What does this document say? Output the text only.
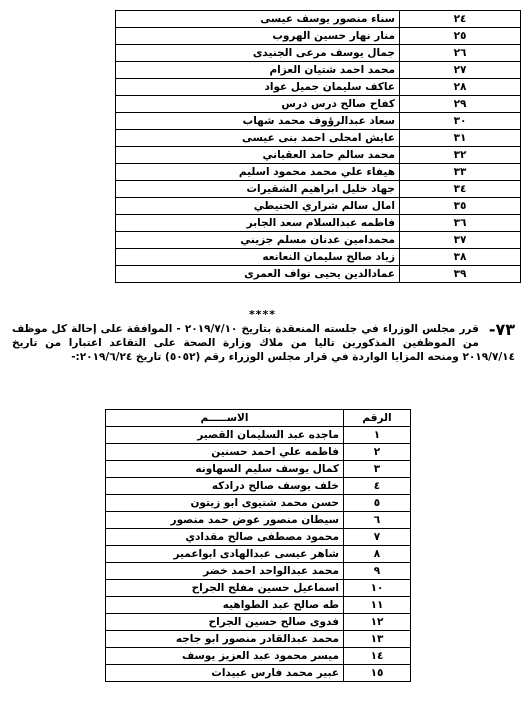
٢٤	سناء منصور يوسف عيسى
٢٥	منار نهار حسين الهروب
٢٦	جمال يوسف مرعى الجنيدى
٢٧	محمد احمد شتيان العزام
٢٨	عاكف سليمان جميل عواد
٢٩	كفاح صالح درس درس
٣٠	سعاد عبدالرؤوف محمد شهاب
٣١	عايش امجلى احمد بنى عيسى
٣٢	محمد سالم حامد العقباني
٣٣	هيفاء علي محمد محمود اسليم
٣٤	جهاد خليل ابراهيم الشقيرات
٣٥	امال سالم شراري الحنيطي
٣٦	فاطمه عبدالسلام سعد الجابر
٣٧	محمدامين عدنان مسلم جزيني
٣٨	زياد صالح سليمان النعانعه
٣٩	عمادالدين يحيى نواف العمرى
****
٧٣-
قرر مجلس الوزراء في جلسته المنعقدة بتاريخ ٢٠١٩/٧/١٠ - الموافقة على إحالة كل موظف من الموظفين المذكورين تاليا من ملاك وزارة الصحة على التقاعد اعتبارا من تاريخ ٢٠١٩/٧/١٤ ومنحه المزايا الواردة في قرار مجلس الوزراء رقم (٥٠٥٢) تاريخ ٢٠١٩/٦/٢٤:-
الرقم	الاســـــم
١	ماجده عبد السليمان القصير
٢	فاطمه علي احمد حسنين
٣	كمال يوسف سليم السهاونه
٤	خلف يوسف صالح درادكه
٥	حسن محمد شتيوى ابو زيتون
٦	سيطان منصور عوض حمد منصور
٧	محمود مصطفى صالح مقدادي
٨	شاهر عيسى عبدالهادى ابواعمير
٩	محمد عبدالواحد احمد خضر
١٠	اسماعيل حسين مفلح الجراح
١١	طه صالح عبد الطواهيه
١٢	فدوى صالح حسين الجراح
١٣	محمد عبدالقادر منصور ابو جاجه
١٤	ميسر محمود عبد العزيز يوسف
١٥	عبير محمد فارس عبيدات
